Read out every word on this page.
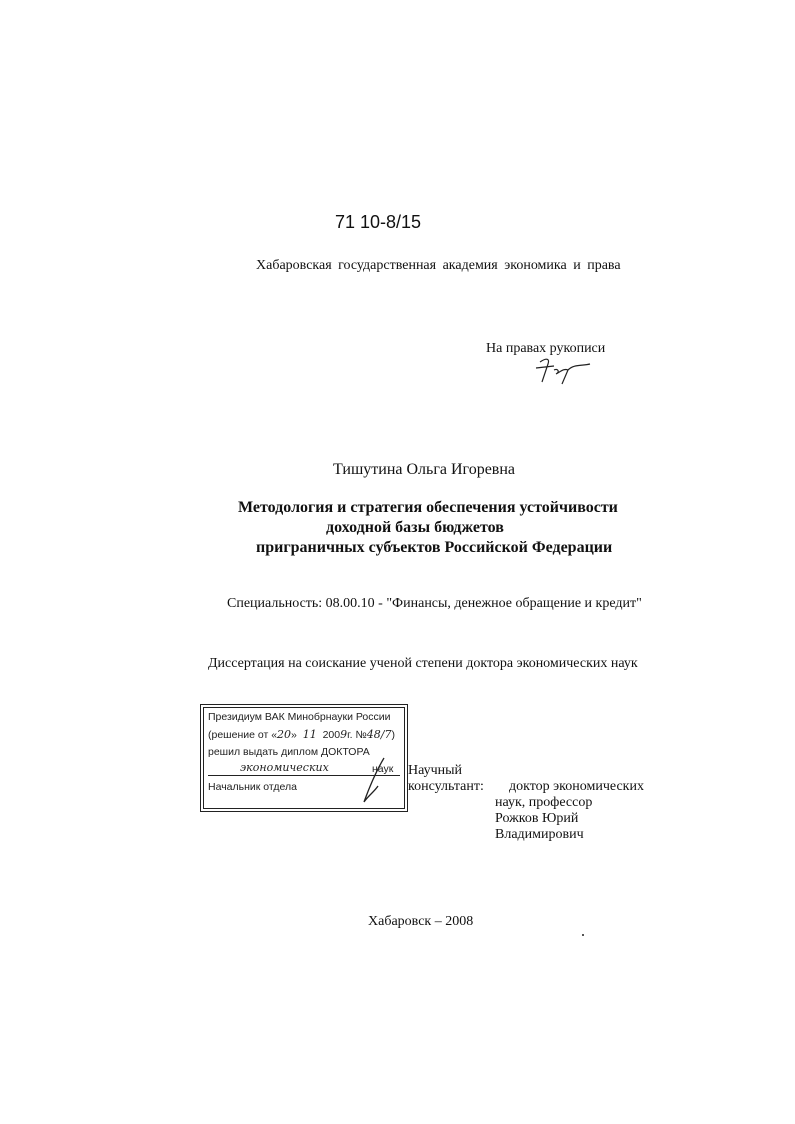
71 10-8/15
Хабаровская государственная академия экономика и права
На правах рукописи
Тишутина Ольга Игоревна
Методология и стратегия обеспечения устойчивости
доходной базы бюджетов
приграничных субъектов Российской Федерации
Специальность: 08.00.10 - "Финансы, денежное обращение и кредит"
Диссертация на соискание ученой степени доктора экономических наук
Президиум ВАК Минобрнауки России
(решение от «20» 11 2009г. №48/7)
решил выдать диплом ДОКТОРА
экономических	наук
Начальник отдела
Научный
консультант:	доктор экономических
наук, профессор
Рожков Юрий
Владимирович
Хабаровск – 2008
